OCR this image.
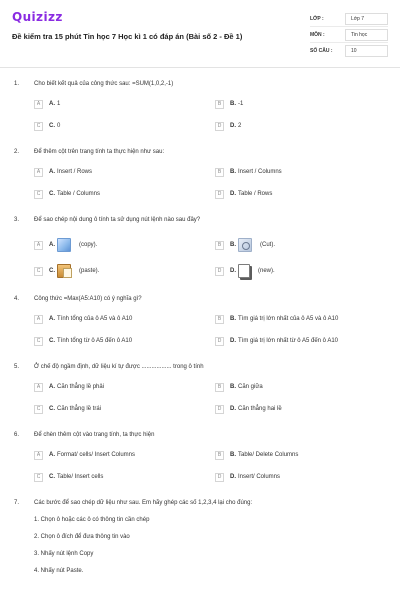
Quizizz
Đề kiểm tra 15 phút Tin học 7 Học kì 1 có đáp án (Bài số 2 - Đề 1)
LỚP :	Lớp 7
MÔN :	Tin học
SỐ CÂU :	10
1.	Cho biết kết quả của công thức sau: =SUM(1,0,2,-1)
A	A. 1	B	B. -1
C	C. 0	D	D. 2
2.	Để thêm cột trên trang tính ta thực hiện như sau:
A	A. Insert / Rows	B	B. Insert / Columns
C	C. Table / Columns	D	D. Table / Rows
3.	Để sao chép nội dung ô tính ta sử dụng nút lệnh nào sau đây?
A	A.	(copy).	B	B.	(Cut).
C	C.	(paste).	D	D.	(new).
4.	Công thức =Max(A5:A10) có ý nghĩa gì?
A	A. Tính tổng của ô A5 và ô A10	B	B. Tìm giá trị lớn nhất của ô A5 và ô A10
C	C. Tính tổng từ ô A5 đến ô A10	D	D. Tìm giá trị lớn nhất từ ô A5 đến ô A10
5.	Ở chế độ ngầm định, dữ liệu kí tự được .................. trong ô tính
A	A. Căn thẳng lề phải	B	B. Căn giữa
C	C. Căn thẳng lề trái	D	D. Căn thẳng hai lề
6.	Để chèn thêm cột vào trang tính, ta thực hiện
A	A. Format/ cells/ Insert Columns	B	B. Table/ Delete Columns
C	C. Table/ Insert cells	D	D. Insert/ Columns
7.	Các bước để sao chép dữ liệu như sau. Em hãy ghép các số 1,2,3,4 lại cho đúng:
1. Chọn ô hoặc các ô có thông tin cần chép
2. Chọn ô đích để đưa thông tin vào
3. Nhấy nút lệnh Copy
4. Nhấy nút Paste.
